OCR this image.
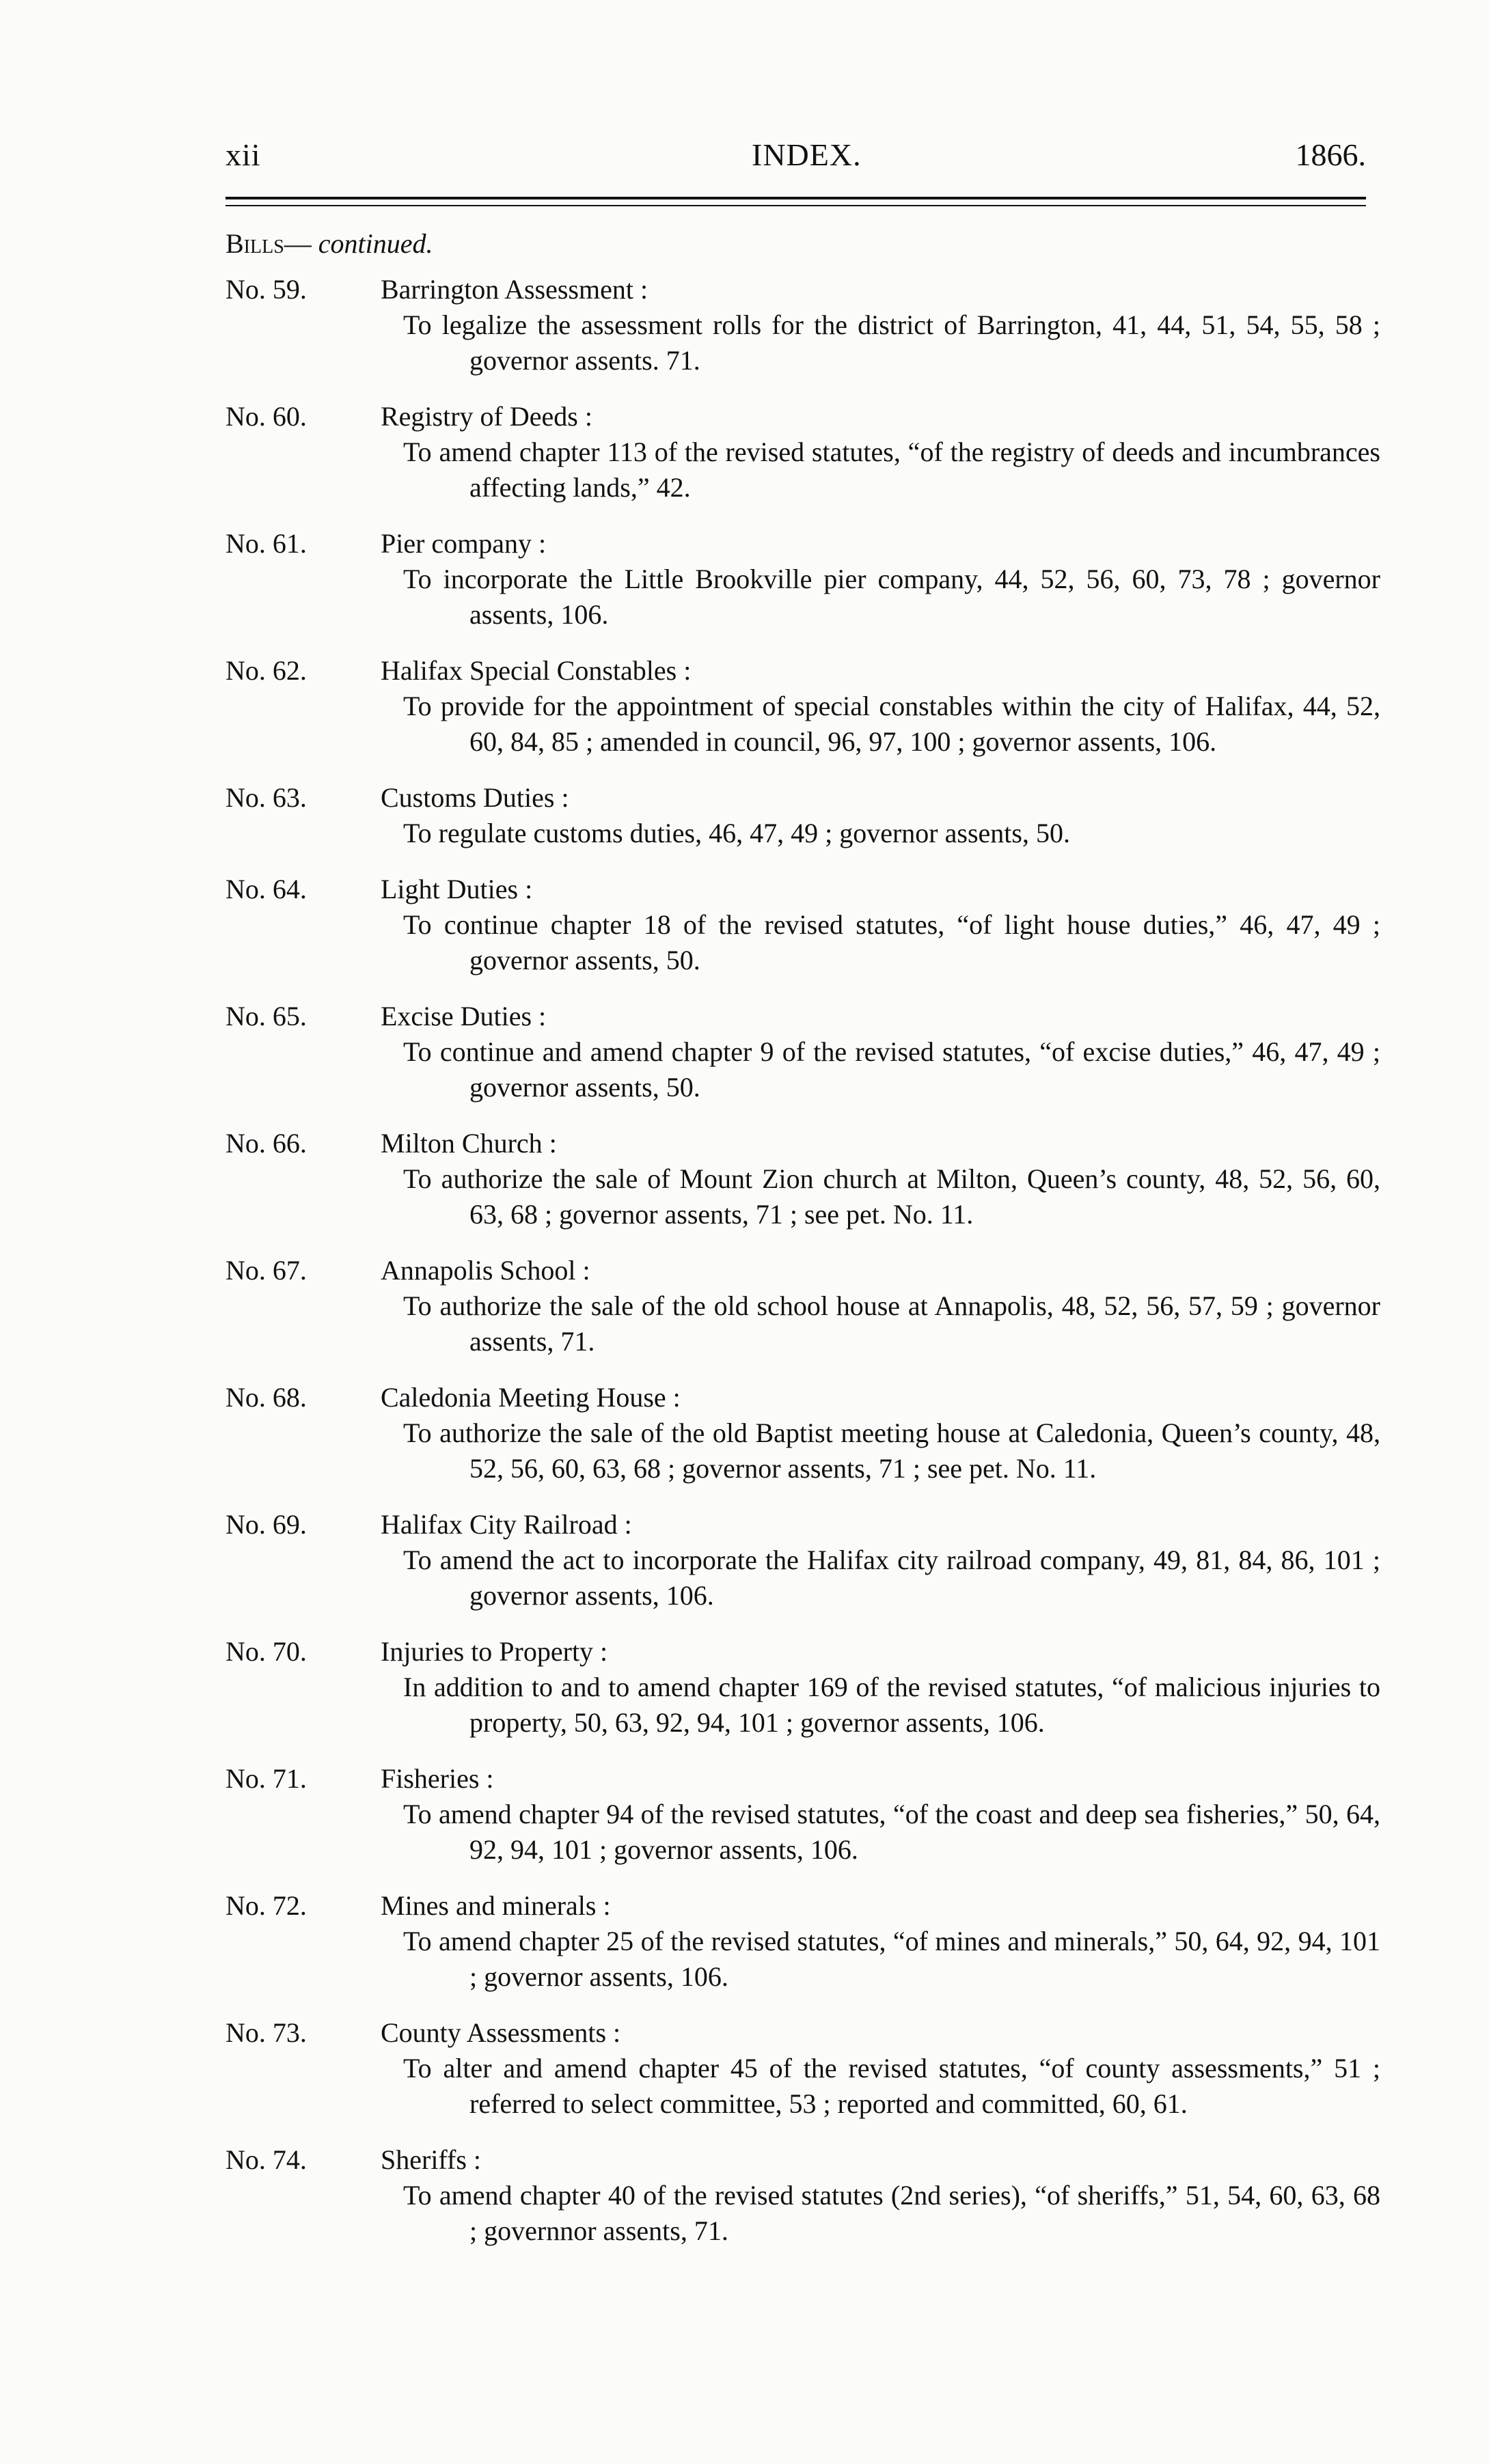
xii	INDEX.	1866.
Bills— continued.
No. 59.	Barrington Assessment :
To legalize the assessment rolls for the district of Barrington, 41, 44, 51, 54, 55, 58 ; governor assents. 71.
No. 60.	Registry of Deeds :
To amend chapter 113 of the revised statutes, “of the registry of deeds and incumbrances affecting lands,” 42.
No. 61.	Pier company :
To incorporate the Little Brookville pier company, 44, 52, 56, 60, 73, 78 ; governor assents, 106.
No. 62.	Halifax Special Constables :
To provide for the appointment of special constables within the city of Halifax, 44, 52, 60, 84, 85 ; amended in council, 96, 97, 100 ; governor assents, 106.
No. 63.	Customs Duties :
To regulate customs duties, 46, 47, 49 ; governor assents, 50.
No. 64.	Light Duties :
To continue chapter 18 of the revised statutes, “of light house duties,” 46, 47, 49 ; governor assents, 50.
No. 65.	Excise Duties :
To continue and amend chapter 9 of the revised statutes, “of excise duties,” 46, 47, 49 ; governor assents, 50.
No. 66.	Milton Church :
To authorize the sale of Mount Zion church at Milton, Queen’s county, 48, 52, 56, 60, 63, 68 ; governor assents, 71 ; see pet. No. 11.
No. 67.	Annapolis School :
To authorize the sale of the old school house at Annapolis, 48, 52, 56, 57, 59 ; governor assents, 71.
No. 68.	Caledonia Meeting House :
To authorize the sale of the old Baptist meeting house at Caledonia, Queen’s county, 48, 52, 56, 60, 63, 68 ; governor assents, 71 ; see pet. No. 11.
No. 69.	Halifax City Railroad :
To amend the act to incorporate the Halifax city railroad company, 49, 81, 84, 86, 101 ; governor assents, 106.
No. 70.	Injuries to Property :
In addition to and to amend chapter 169 of the revised statutes, “of malicious injuries to property, 50, 63, 92, 94, 101 ; governor assents, 106.
No. 71.	Fisheries :
To amend chapter 94 of the revised statutes, “of the coast and deep sea fisheries,” 50, 64, 92, 94, 101 ; governor assents, 106.
No. 72.	Mines and minerals :
To amend chapter 25 of the revised statutes, “of mines and minerals,” 50, 64, 92, 94, 101 ; governor assents, 106.
No. 73.	County Assessments :
To alter and amend chapter 45 of the revised statutes, “of county assessments,” 51 ; referred to select committee, 53 ; reported and committed, 60, 61.
No. 74.	Sheriffs :
To amend chapter 40 of the revised statutes (2nd series), “of sheriffs,” 51, 54, 60, 63, 68 ; governnor assents, 71.
